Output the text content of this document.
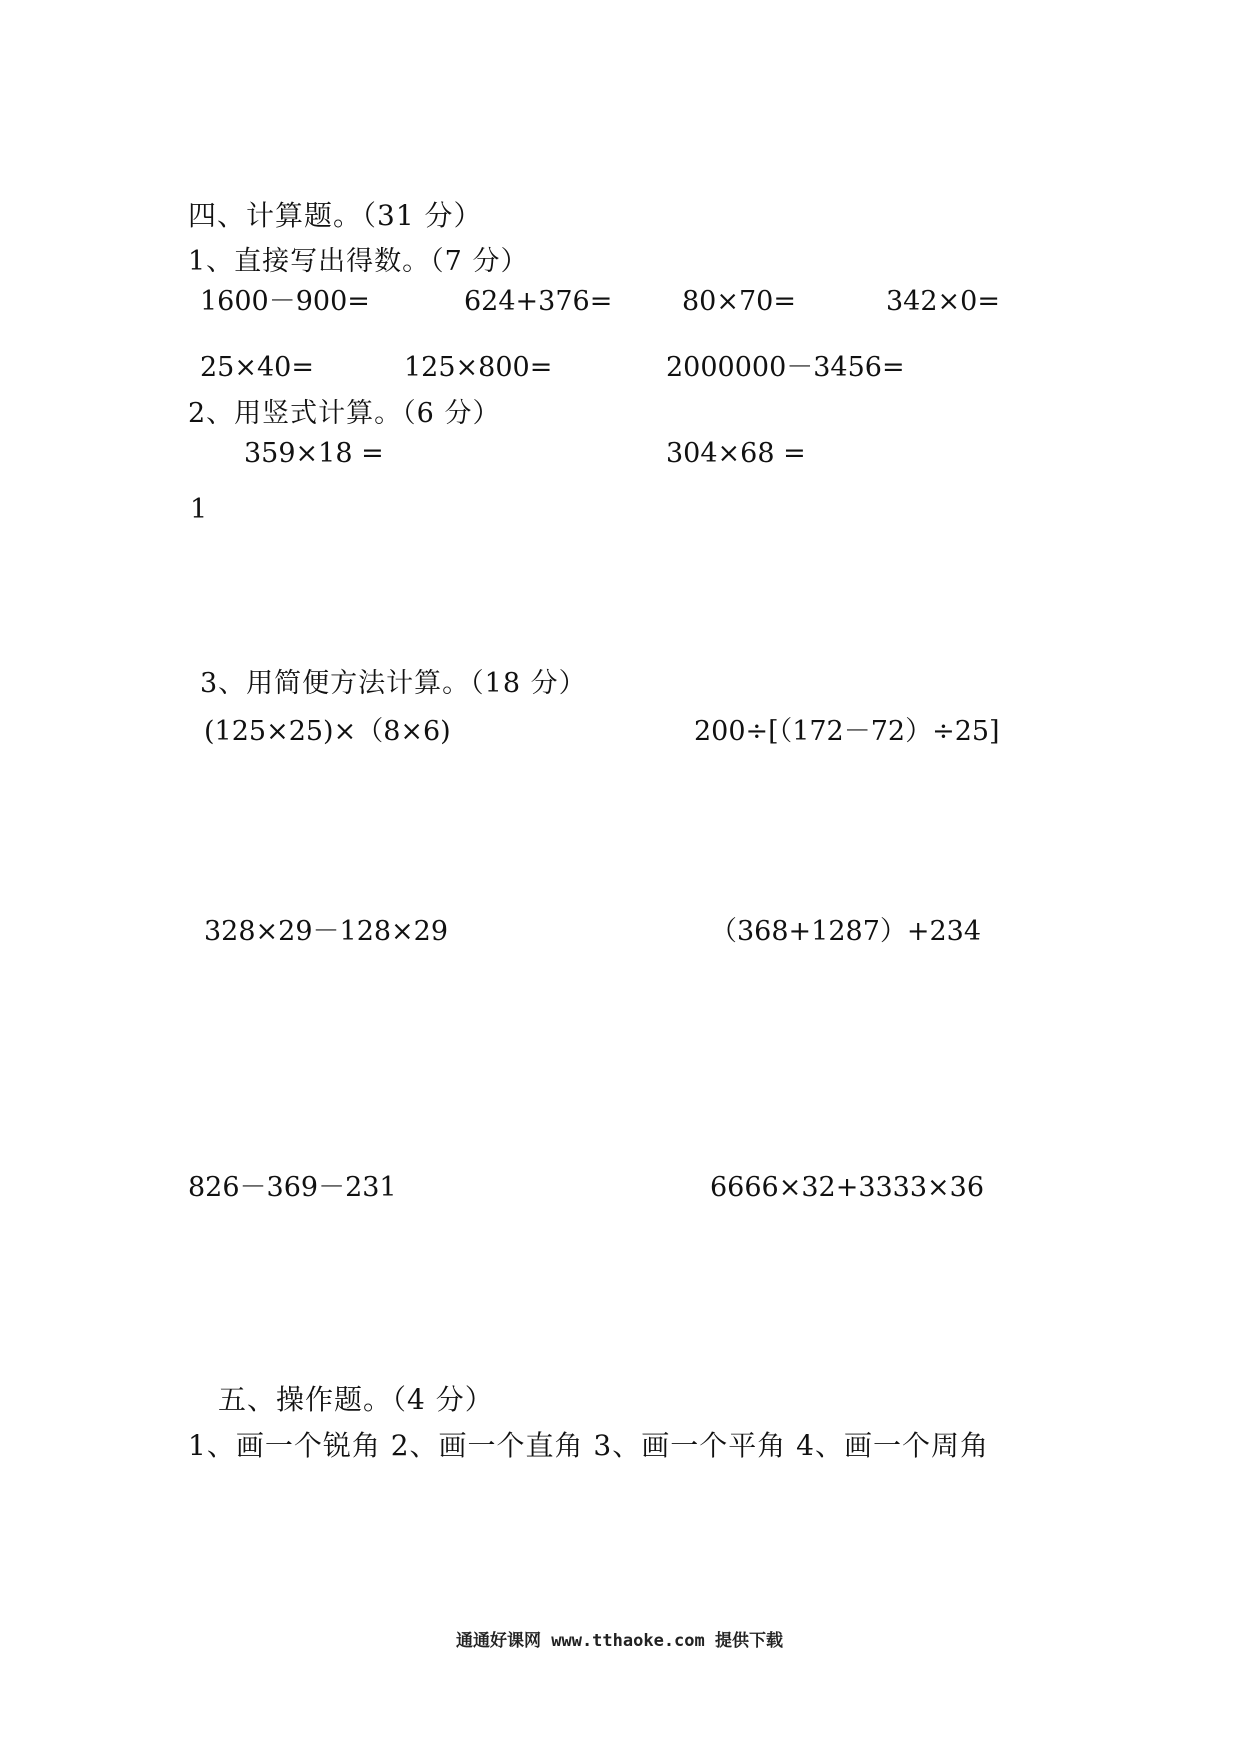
四、计算题。（31 分）
1、直接写出得数。（7 分）
1600－900=	624+376=	80×70=	342×0=
25×40=	125×800=	2000000－3456=
2、用竖式计算。（6 分）
359×18 =	304×68 =
1
3、用简便方法计算。（18 分）
(125×25)×（8×6)	200÷[（172－72）÷25]
328×29－128×29	（368+1287）+234
826－369－231	6666×32+3333×36
五、操作题。（4 分）
1、画一个锐角 2、画一个直角 3、画一个平角 4、画一个周角
通通好课网 www.tthaoke.com 提供下载
